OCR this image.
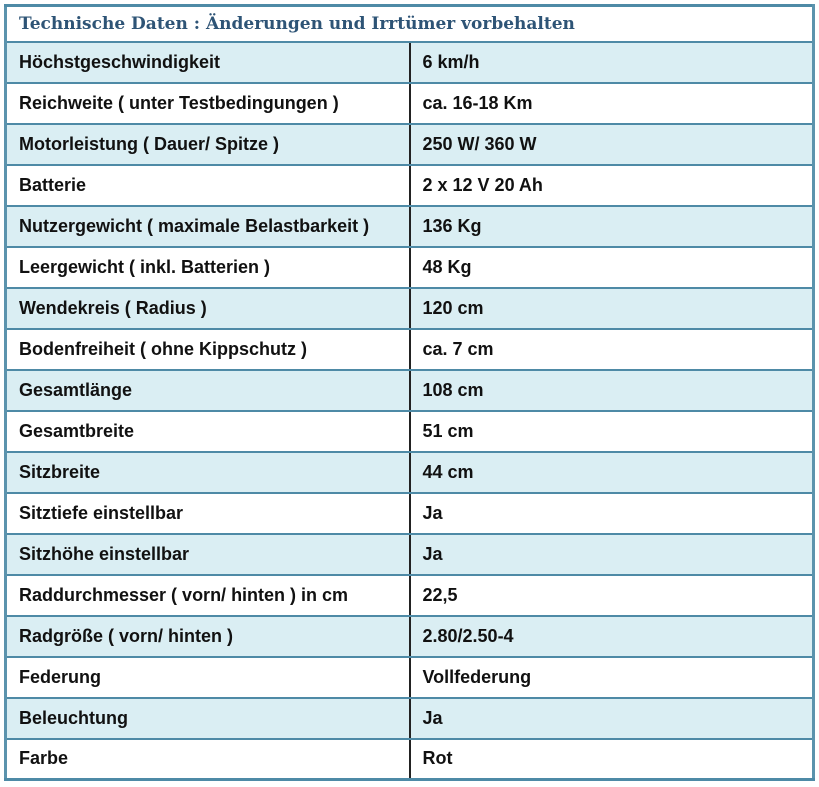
Technische Daten : Änderungen und Irrtümer vorbehalten	
Höchstgeschwindigkeit	6 km/h
Reichweite ( unter Testbedingungen )	ca. 16-18 Km
Motorleistung ( Dauer/ Spitze )	250 W/ 360 W
Batterie	2 x 12 V 20 Ah
Nutzergewicht ( maximale Belastbarkeit )	136 Kg
Leergewicht ( inkl. Batterien )	48 Kg
Wendekreis ( Radius )	120 cm
Bodenfreiheit ( ohne Kippschutz )	ca. 7 cm
Gesamtlänge	108 cm
Gesamtbreite	51 cm
Sitzbreite	44 cm
Sitztiefe einstellbar	Ja
Sitzhöhe einstellbar	Ja
Raddurchmesser ( vorn/ hinten ) in cm	22,5
Radgröße ( vorn/ hinten )	2.80/2.50-4
Federung	Vollfederung
Beleuchtung	Ja
Farbe	Rot
